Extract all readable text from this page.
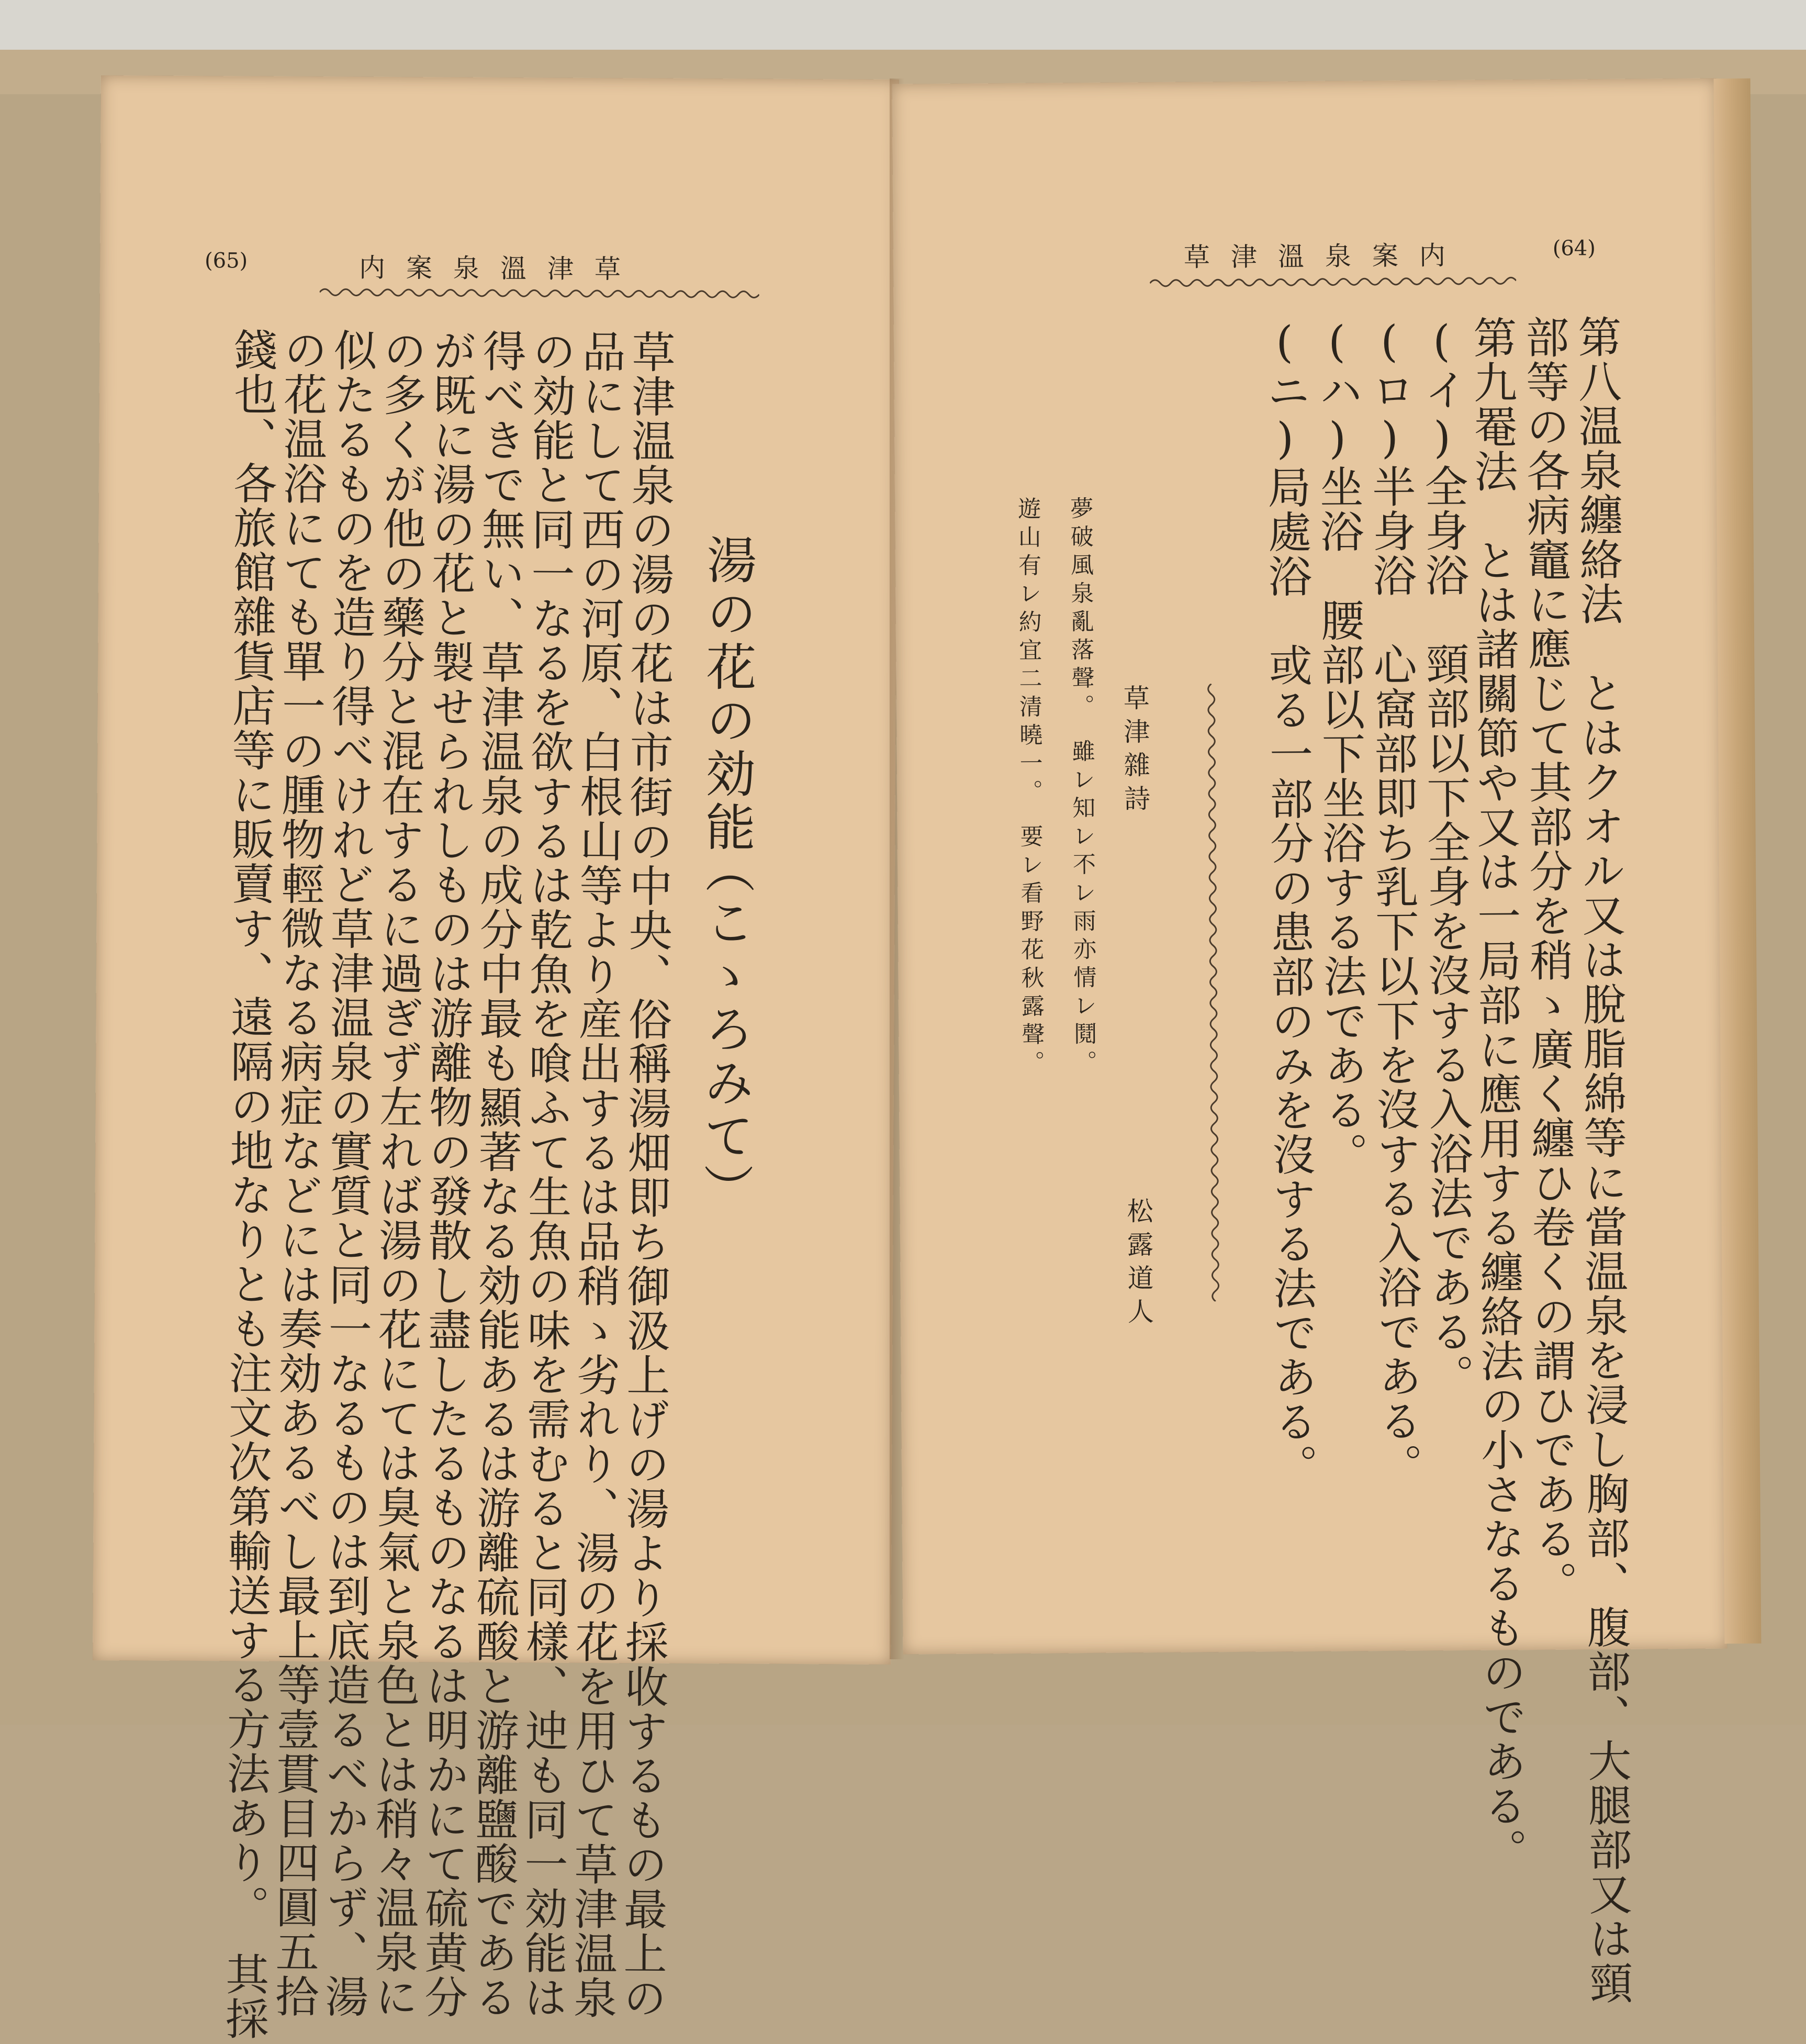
(65)	内案泉溫津草
湯の花の効能
（こゝろみて）
草津温泉の湯の花は市街の中央、俗稱湯畑即ち御汲上げの湯より採收するもの最上の
品にして西の河原、白根山等より産出するは品稍ゝ劣れり、湯の花を用ひて草津温泉
の効能と同一なるを欲するは乾魚を喰ふて生魚の味を需むると同樣、迚も同一効能は
得べきで無い、草津温泉の成分中最も顯著なる効能あるは游離硫酸と游離鹽酸である
が既に湯の花と製せられしものは游離物の發散し盡したるものなるは明かにて硫黄分
の多くが他の藥分と混在するに過ぎず左れば湯の花にては臭氣と泉色とは稍々温泉に
似たるものを造り得べけれど草津温泉の實質と同一なるものは到底造るべからず、湯
の花温浴にても單一の腫物輕微なる病症などには奏効あるべし最上等壹貫目四圓五拾
錢也、各旅館雜貨店等に販賣す、遠隔の地なりとも注文次第輸送する方法あり。　其採
草津溫泉案内	(64)
第八温泉纏絡法　とはクオル又は脫脂綿等に當温泉を浸し胸部、腹部、大腿部又は頸
部等の各病竈に應じて其部分を稍ゝ廣く纏ひ卷くの謂ひである。
第九罨法　とは諸關節や又は一局部に應用する纏絡法の小さなるものである。
(イ)全身浴　頸部以下全身を沒する入浴法である。
(ロ)半身浴　心窩部即ち乳下以下を沒する入浴である。
(ハ)坐浴　腰部以下坐浴する法である。
(ニ)局處浴　或る一部分の患部のみを沒する法である。
草津雜詩
松露道人
夢破風泉亂落聲。　雖レ知レ不レ雨亦情レ鬩。
遊山有レ約宜二清曉一。　要レ看野花秋露聲。
